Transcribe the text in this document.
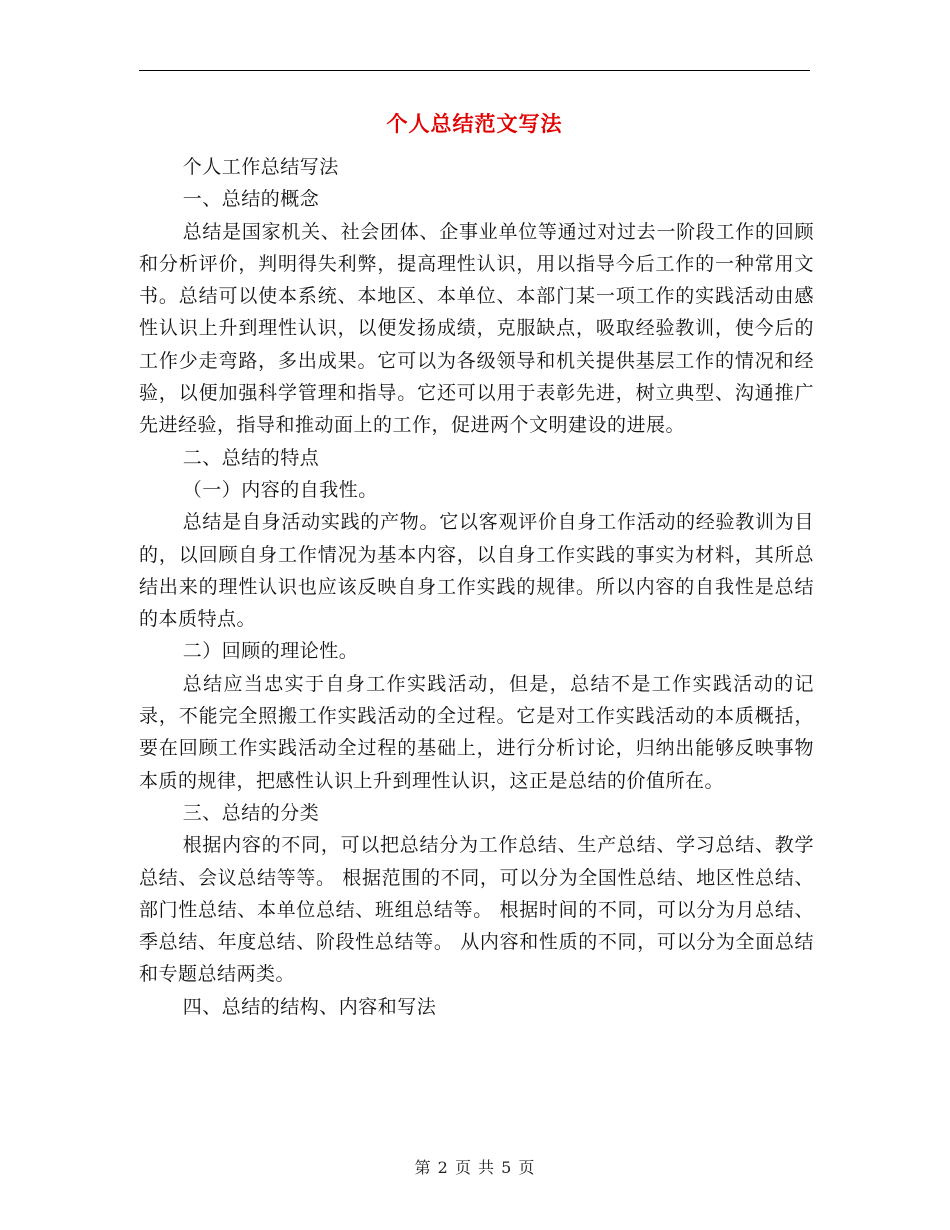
个人总结范文写法

个人工作总结写法

一、总结的概念

总结是国家机关、社会团体、企事业单位等通过对过去一阶段工作的回顾和分析评价，判明得失利弊，提高理性认识，用以指导今后工作的一种常用文书。总结可以使本系统、本地区、本单位、本部门某一项工作的实践活动由感性认识上升到理性认识，以便发扬成绩，克服缺点，吸取经验教训，使今后的工作少走弯路，多出成果。它可以为各级领导和机关提供基层工作的情况和经验，以便加强科学管理和指导。它还可以用于表彰先进，树立典型、沟通推广先进经验，指导和推动面上的工作，促进两个文明建设的进展。

二、总结的特点

（一）内容的自我性。

总结是自身活动实践的产物。它以客观评价自身工作活动的经验教训为目的，以回顾自身工作情况为基本内容，以自身工作实践的事实为材料，其所总结出来的理性认识也应该反映自身工作实践的规律。所以内容的自我性是总结的本质特点。

二）回顾的理论性。

总结应当忠实于自身工作实践活动，但是，总结不是工作实践活动的记录，不能完全照搬工作实践活动的全过程。它是对工作实践活动的本质概括，要在回顾工作实践活动全过程的基础上，进行分析讨论，归纳出能够反映事物本质的规律，把感性认识上升到理性认识，这正是总结的价值所在。

三、总结的分类

根据内容的不同，可以把总结分为工作总结、生产总结、学习总结、教学总结、会议总结等等。 根据范围的不同，可以分为全国性总结、地区性总结、部门性总结、本单位总结、班组总结等。 根据时间的不同，可以分为月总结、季总结、年度总结、阶段性总结等。 从内容和性质的不同，可以分为全面总结和专题总结两类。

四、总结的结构、内容和写法

第 2 页 共 5 页
